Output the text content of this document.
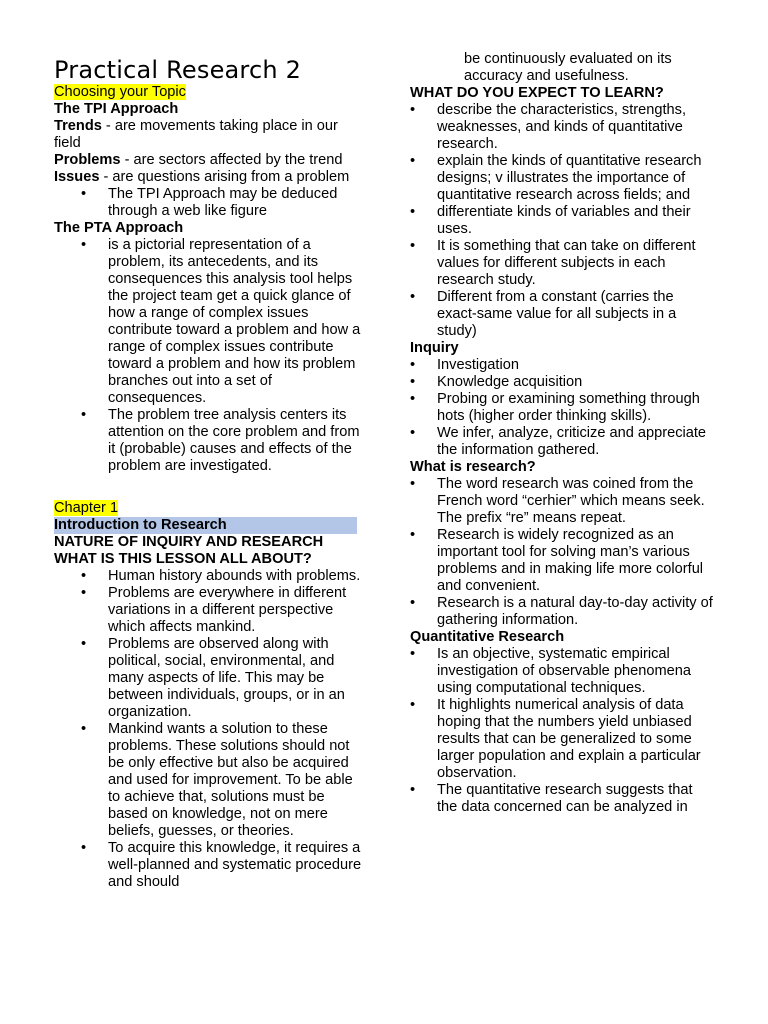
Practical Research 2

Choosing your Topic

The TPI Approach

Trends - are movements taking place in our field

Problems - are sectors affected by the trend

Issues - are questions arising from a problem

• The TPI Approach may be deduced through a web like figure

The PTA Approach

• is a pictorial representation of a problem, its antecedents, and its consequences this analysis tool helps the project team get a quick glance of how a range of complex issues contribute toward a problem and how a range of complex issues contribute toward a problem and how its problem branches out into a set of consequences.
• The problem tree analysis centers its attention on the core problem and from it (probable) causes and effects of the problem are investigated.

Chapter 1

Introduction to Research

NATURE OF INQUIRY AND RESEARCH

WHAT IS THIS LESSON ALL ABOUT?

• Human history abounds with problems.
• Problems are everywhere in different variations in a different perspective which affects mankind.
• Problems are observed along with political, social, environmental, and many aspects of life. This may be between individuals, groups, or in an organization.
• Mankind wants a solution to these problems. These solutions should not be only effective but also be acquired and used for improvement. To be able to achieve that, solutions must be based on knowledge, not on mere beliefs, guesses, or theories.
• To acquire this knowledge, it requires a well-planned and systematic procedure and should

be continuously evaluated on its accuracy and usefulness.

WHAT DO YOU EXPECT TO LEARN?

• describe the characteristics, strengths, weaknesses, and kinds of quantitative research.
• explain the kinds of quantitative research designs; v illustrates the importance of quantitative research across fields; and
• differentiate kinds of variables and their uses.
• It is something that can take on different values for different subjects in each research study.
• Different from a constant (carries the exact-same value for all subjects in a study)

Inquiry

• Investigation
• Knowledge acquisition
• Probing or examining something through hots (higher order thinking skills).
• We infer, analyze, criticize and appreciate the information gathered.

What is research?

• The word research was coined from the French word “cerhier” which means seek. The prefix “re” means repeat.
• Research is widely recognized as an important tool for solving man’s various problems and in making life more colorful and convenient.
• Research is a natural day-to-day activity of gathering information.

Quantitative Research

• Is an objective, systematic empirical investigation of observable phenomena using computational techniques.
• It highlights numerical analysis of data hoping that the numbers yield unbiased results that can be generalized to some larger population and explain a particular observation.
• The quantitative research suggests that the data concerned can be analyzed in
